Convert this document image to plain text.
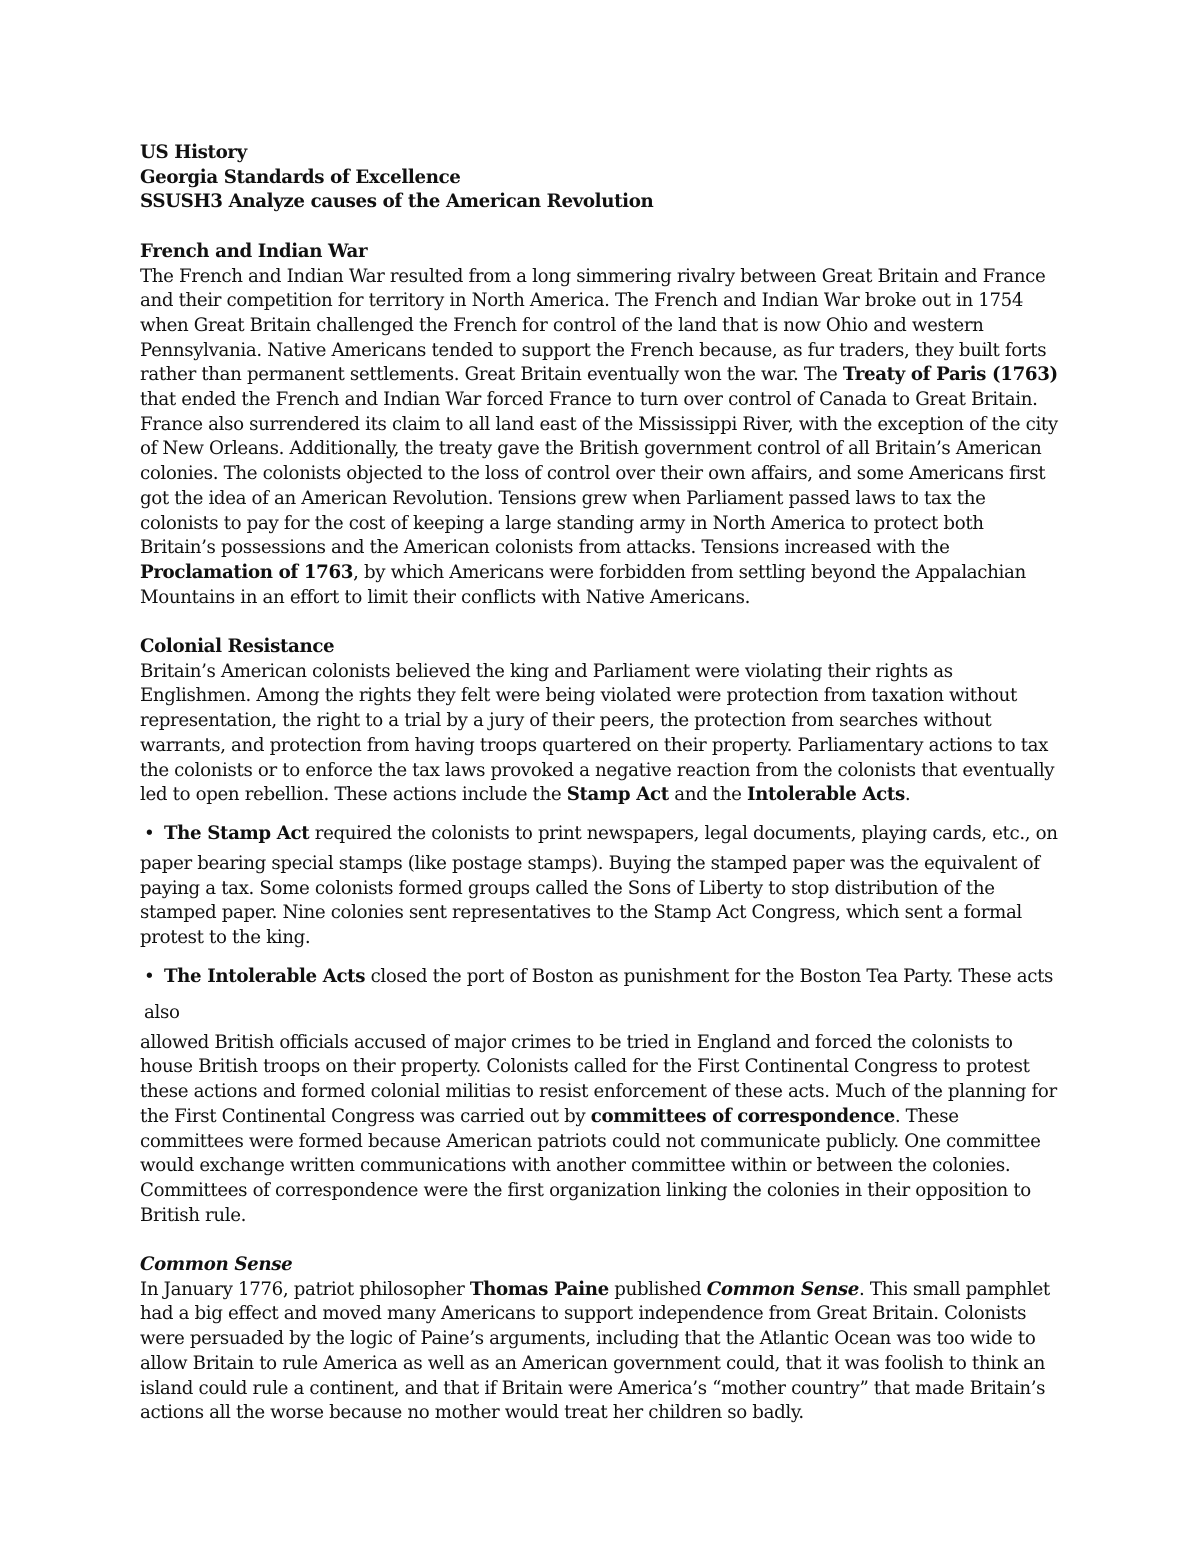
US History

Georgia Standards of Excellence

SSUSH3 Analyze causes of the American Revolution

French and Indian War

The French and Indian War resulted from a long simmering rivalry between Great Britain and France and their competition for territory in North America. The French and Indian War broke out in 1754 when Great Britain challenged the French for control of the land that is now Ohio and western Pennsylvania. Native Americans tended to support the French because, as fur traders, they built forts rather than permanent settlements. Great Britain eventually won the war. The Treaty of Paris (1763) that ended the French and Indian War forced France to turn over control of Canada to Great Britain. France also surrendered its claim to all land east of the Mississippi River, with the exception of the city of New Orleans. Additionally, the treaty gave the British government control of all Britain’s American colonies. The colonists objected to the loss of control over their own affairs, and some Americans first got the idea of an American Revolution. Tensions grew when Parliament passed laws to tax the colonists to pay for the cost of keeping a large standing army in North America to protect both Britain’s possessions and the American colonists from attacks. Tensions increased with the Proclamation of 1763, by which Americans were forbidden from settling beyond the Appalachian Mountains in an effort to limit their conflicts with Native Americans.

Colonial Resistance

Britain’s American colonists believed the king and Parliament were violating their rights as Englishmen. Among the rights they felt were being violated were protection from taxation without representation, the right to a trial by a jury of their peers, the protection from searches without warrants, and protection from having troops quartered on their property. Parliamentary actions to tax the colonists or to enforce the tax laws provoked a negative reaction from the colonists that eventually led to open rebellion. These actions include the Stamp Act and the Intolerable Acts.

• The Stamp Act required the colonists to print newspapers, legal documents, playing cards, etc., on

paper bearing special stamps (like postage stamps). Buying the stamped paper was the equivalent of paying a tax. Some colonists formed groups called the Sons of Liberty to stop distribution of the stamped paper. Nine colonies sent representatives to the Stamp Act Congress, which sent a formal protest to the king.

• The Intolerable Acts closed the port of Boston as punishment for the Boston Tea Party. These acts also

allowed British officials accused of major crimes to be tried in England and forced the colonists to house British troops on their property. Colonists called for the First Continental Congress to protest these actions and formed colonial militias to resist enforcement of these acts. Much of the planning for the First Continental Congress was carried out by committees of correspondence. These committees were formed because American patriots could not communicate publicly. One committee would exchange written communications with another committee within or between the colonies. Committees of correspondence were the first organization linking the colonies in their opposition to British rule.

Common Sense

In January 1776, patriot philosopher Thomas Paine published Common Sense. This small pamphlet had a big effect and moved many Americans to support independence from Great Britain. Colonists were persuaded by the logic of Paine’s arguments, including that the Atlantic Ocean was too wide to allow Britain to rule America as well as an American government could, that it was foolish to think an island could rule a continent, and that if Britain were America’s “mother country” that made Britain’s actions all the worse because no mother would treat her children so badly.
